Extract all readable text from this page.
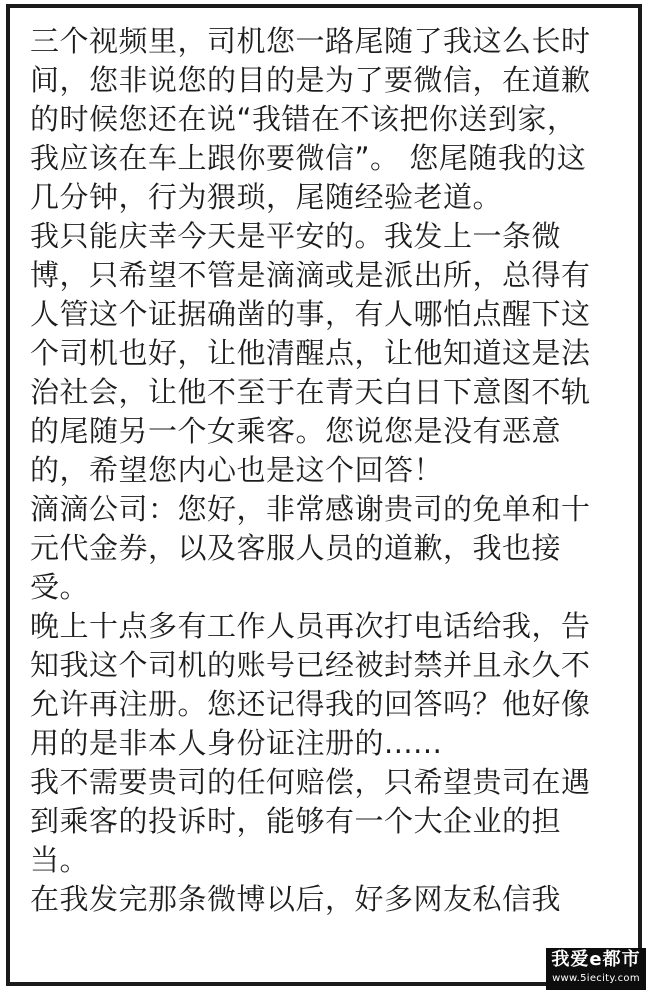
三个视频里，司机您一路尾随了我这么长时
间，您非说您的目的是为了要微信，在道歉
的时候您还在说“我错在不该把你送到家，
我应该在车上跟你要微信”。 您尾随我的这
几分钟，行为猥琐，尾随经验老道。
我只能庆幸今天是平安的。我发上一条微
博，只希望不管是滴滴或是派出所，总得有
人管这个证据确凿的事，有人哪怕点醒下这
个司机也好，让他清醒点，让他知道这是法
治社会，让他不至于在青天白日下意图不轨
的尾随另一个女乘客。您说您是没有恶意
的，希望您内心也是这个回答！
滴滴公司：您好，非常感谢贵司的免单和十
元代金券，以及客服人员的道歉，我也接
受。
晚上十点多有工作人员再次打电话给我，告
知我这个司机的账号已经被封禁并且永久不
允许再注册。您还记得我的回答吗？他好像
用的是非本人身份证注册的......
我不需要贵司的任何赔偿，只希望贵司在遇
到乘客的投诉时，能够有一个大企业的担
当。
在我发完那条微博以后，好多网友私信我
我爱e都市
www.5iecity.com
